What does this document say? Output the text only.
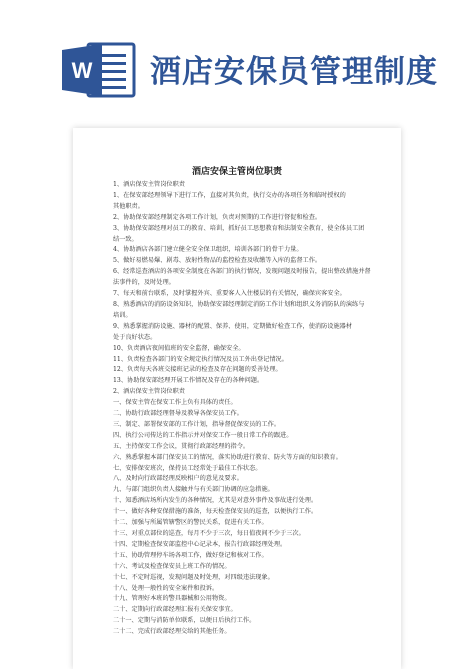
W 酒店安保员管理制度
酒店安保主管岗位职责
1、酒店保安主管岗位职责
1、在保安部经理领导下进行工作，直接对其负责，执行交办的各项任务和临时授权的
其他职责。
2、协助保安部经理制定各项工作计划，负责对预期的工作进行督促和检查。
3、协助保安部经理对员工的教育、培训，抓好员工思想教育和法制安全教育，使全体员工团
结一致。
4、协助酒店各部门建立健全安全保卫组织，培训各部门的骨干力量。
5、做好易燃易爆、剧毒、放射性物品的监控检查及收缴等入库的监督工作。
6、经常巡查酒店的各项安全制度在各部门的执行情况，发现问题及时报告，提出整改措施并督
法事件的，及时处理。
7、每天和前台联系，及时掌握外宾、重要客人入住楼层的有关情况，确保宾客安全。
8、熟悉酒店的消防设备知识，协助保安部经理制定消防工作计划和组织义务消防队的演练与
培训。
9、熟悉掌握消防设施、器材的配置、保养、使用，定期做好检查工作，使消防设施器材
处于良好状态。
10、负责酒店夜间值班的安全监督，确保安全。
11、负责检查各部门的安全规定执行情况及员工外出登记情况。
12、负责每天各班交接班记录的检查及存在问题的妥善处理。
13、协助保安部经理开展工作情况及存在的各种问题。
2、酒店保安主管岗位职责
一、保安主管在保安工作上负有具体的责任。
二、协助行政部经理督导及教导各保安员工作。
三、制定、部署保安部的工作计划，指导督促保安员的工作。
四、执行公司传达的工作指示并对保安工作一般日常工作的跟进。
五、主持保安工作会议，贯彻行政部经理的指令。
六、熟悉掌握本部门保安员工的情况，落实协助进行教育、防火等方面的知识教育。
七、安排保安班次，保持员工经常处于最佳工作状态。
八、及时向行政部经理反映相户的意见及要求。
九、与部门组织负责人接触并与有关部门协调的应急措施。
十、知悉酒店场所内发生的各种情况，尤其是对意外事件及事故进行处理。
十一、做好各种安保措施的准备，每天检查保安员的巡查，以便执行工作。
十二、加强与所属管辖警区的警民关系，促进有关工作。
十三、对重点部位的巡查，每月不少于三次，每日值夜间不少于三次。
十四、定期检查保安部监控中心记录本，报告行政部经理处理。
十五、协助管理停车场各项工作，做好登记和核对工作。
十六、考试及检查保安员上班工作的情况。
十七、不定时巡视，发现问题及时处理，对四级违法现象。
十八、处理一般性的安全案件和投诉。
十九、管理好本班的警具器械和公用物资。
二十、定期向行政部经理汇报有关保安事宜。
二十一、定期与消防单位联系，以便日后执行工作。
二十二、完成行政部经理交给的其他任务。
